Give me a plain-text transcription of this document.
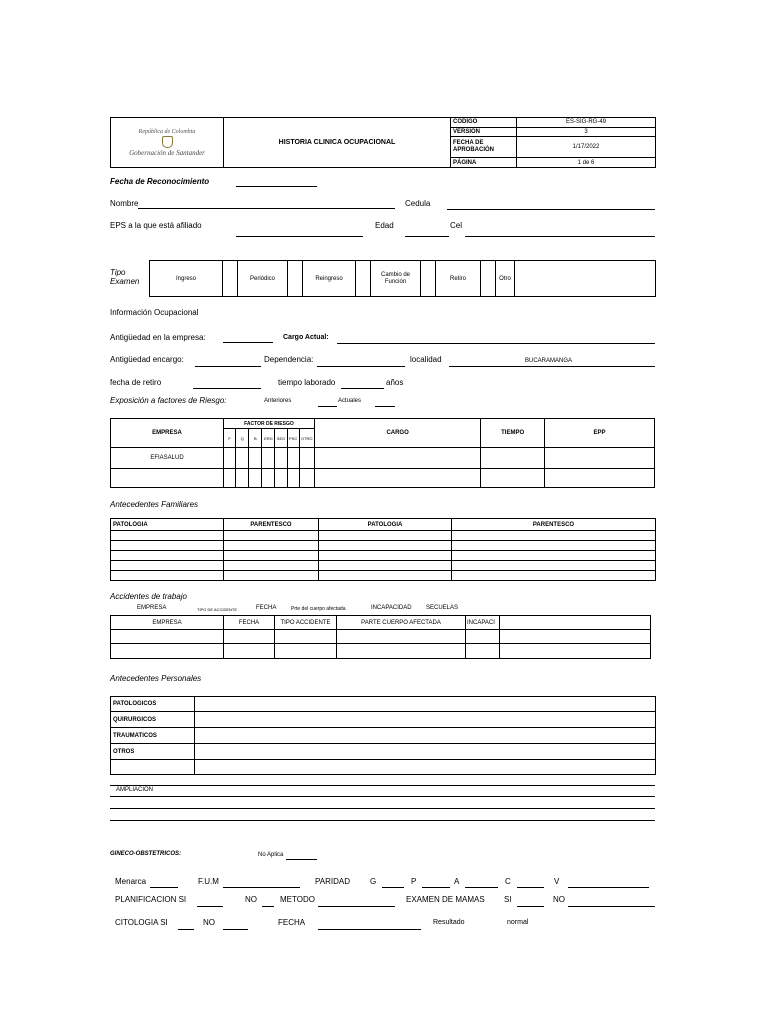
República de Colombia
Gobernación de Santander	HISTORIA CLINICA OCUPACIONAL	CÓDIGO	ES-SIG-RG-49
		VERSIÓN	3
		FECHA DE APROBACIÓN	1/17/2022
		PÁGINA	1 de 6
Fecha de Reconocimiento
Nombre	Cedula
EPS a la que está afiliado	Edad	Cel
Tipo
Examen	Ingreso		Periódico		Reingreso		Cambio de Función		Retiro		Otro	
Información Ocupacional
Antigüedad en la empresa:	Cargo Actual:
Antigüedad encargo:	Dependencia:	localidad	BUCARAMANGA
fecha de retiro	tiempo laborado	años
Exposición a factores de Riesgo:	Anteriores	Actuales
EMPRESA	FACTOR DE RIESGO							CARGO	TIEMPO	EPP
	F	Q	B	ERG	SEG	PSC	OTRO			
EFIASALUD										

Antecedentes Familiares
PATOLOGIA	PARENTESCO	PATOLOGIA	PARENTESCO

Accidentes de trabajo
EMPRESA	TIPO DE ACCIDENTE	FECHA	Prte del cuerpo afectada	INCAPACIDAD SECUELAS
EMPRESA	FECHA	TIPO ACCIDENTE	PARTE CUERPO AFECTADA	INCAPACI	

Antecedentes Personales
PATOLOGICOS	
QUIRURGICOS	
TRAUMATICOS	
OTROS	

AMPLIACION
GINECO-OBSTETRICOS:	No Aplica
Menarca	F.U.M	PARIDAD	G	P	A	C	V
PLANIFICACION SI	NO	METODO	EXAMEN DE MAMAS SI	NO
CITOLOGIA SI	NO	FECHA	Resultado	normal
